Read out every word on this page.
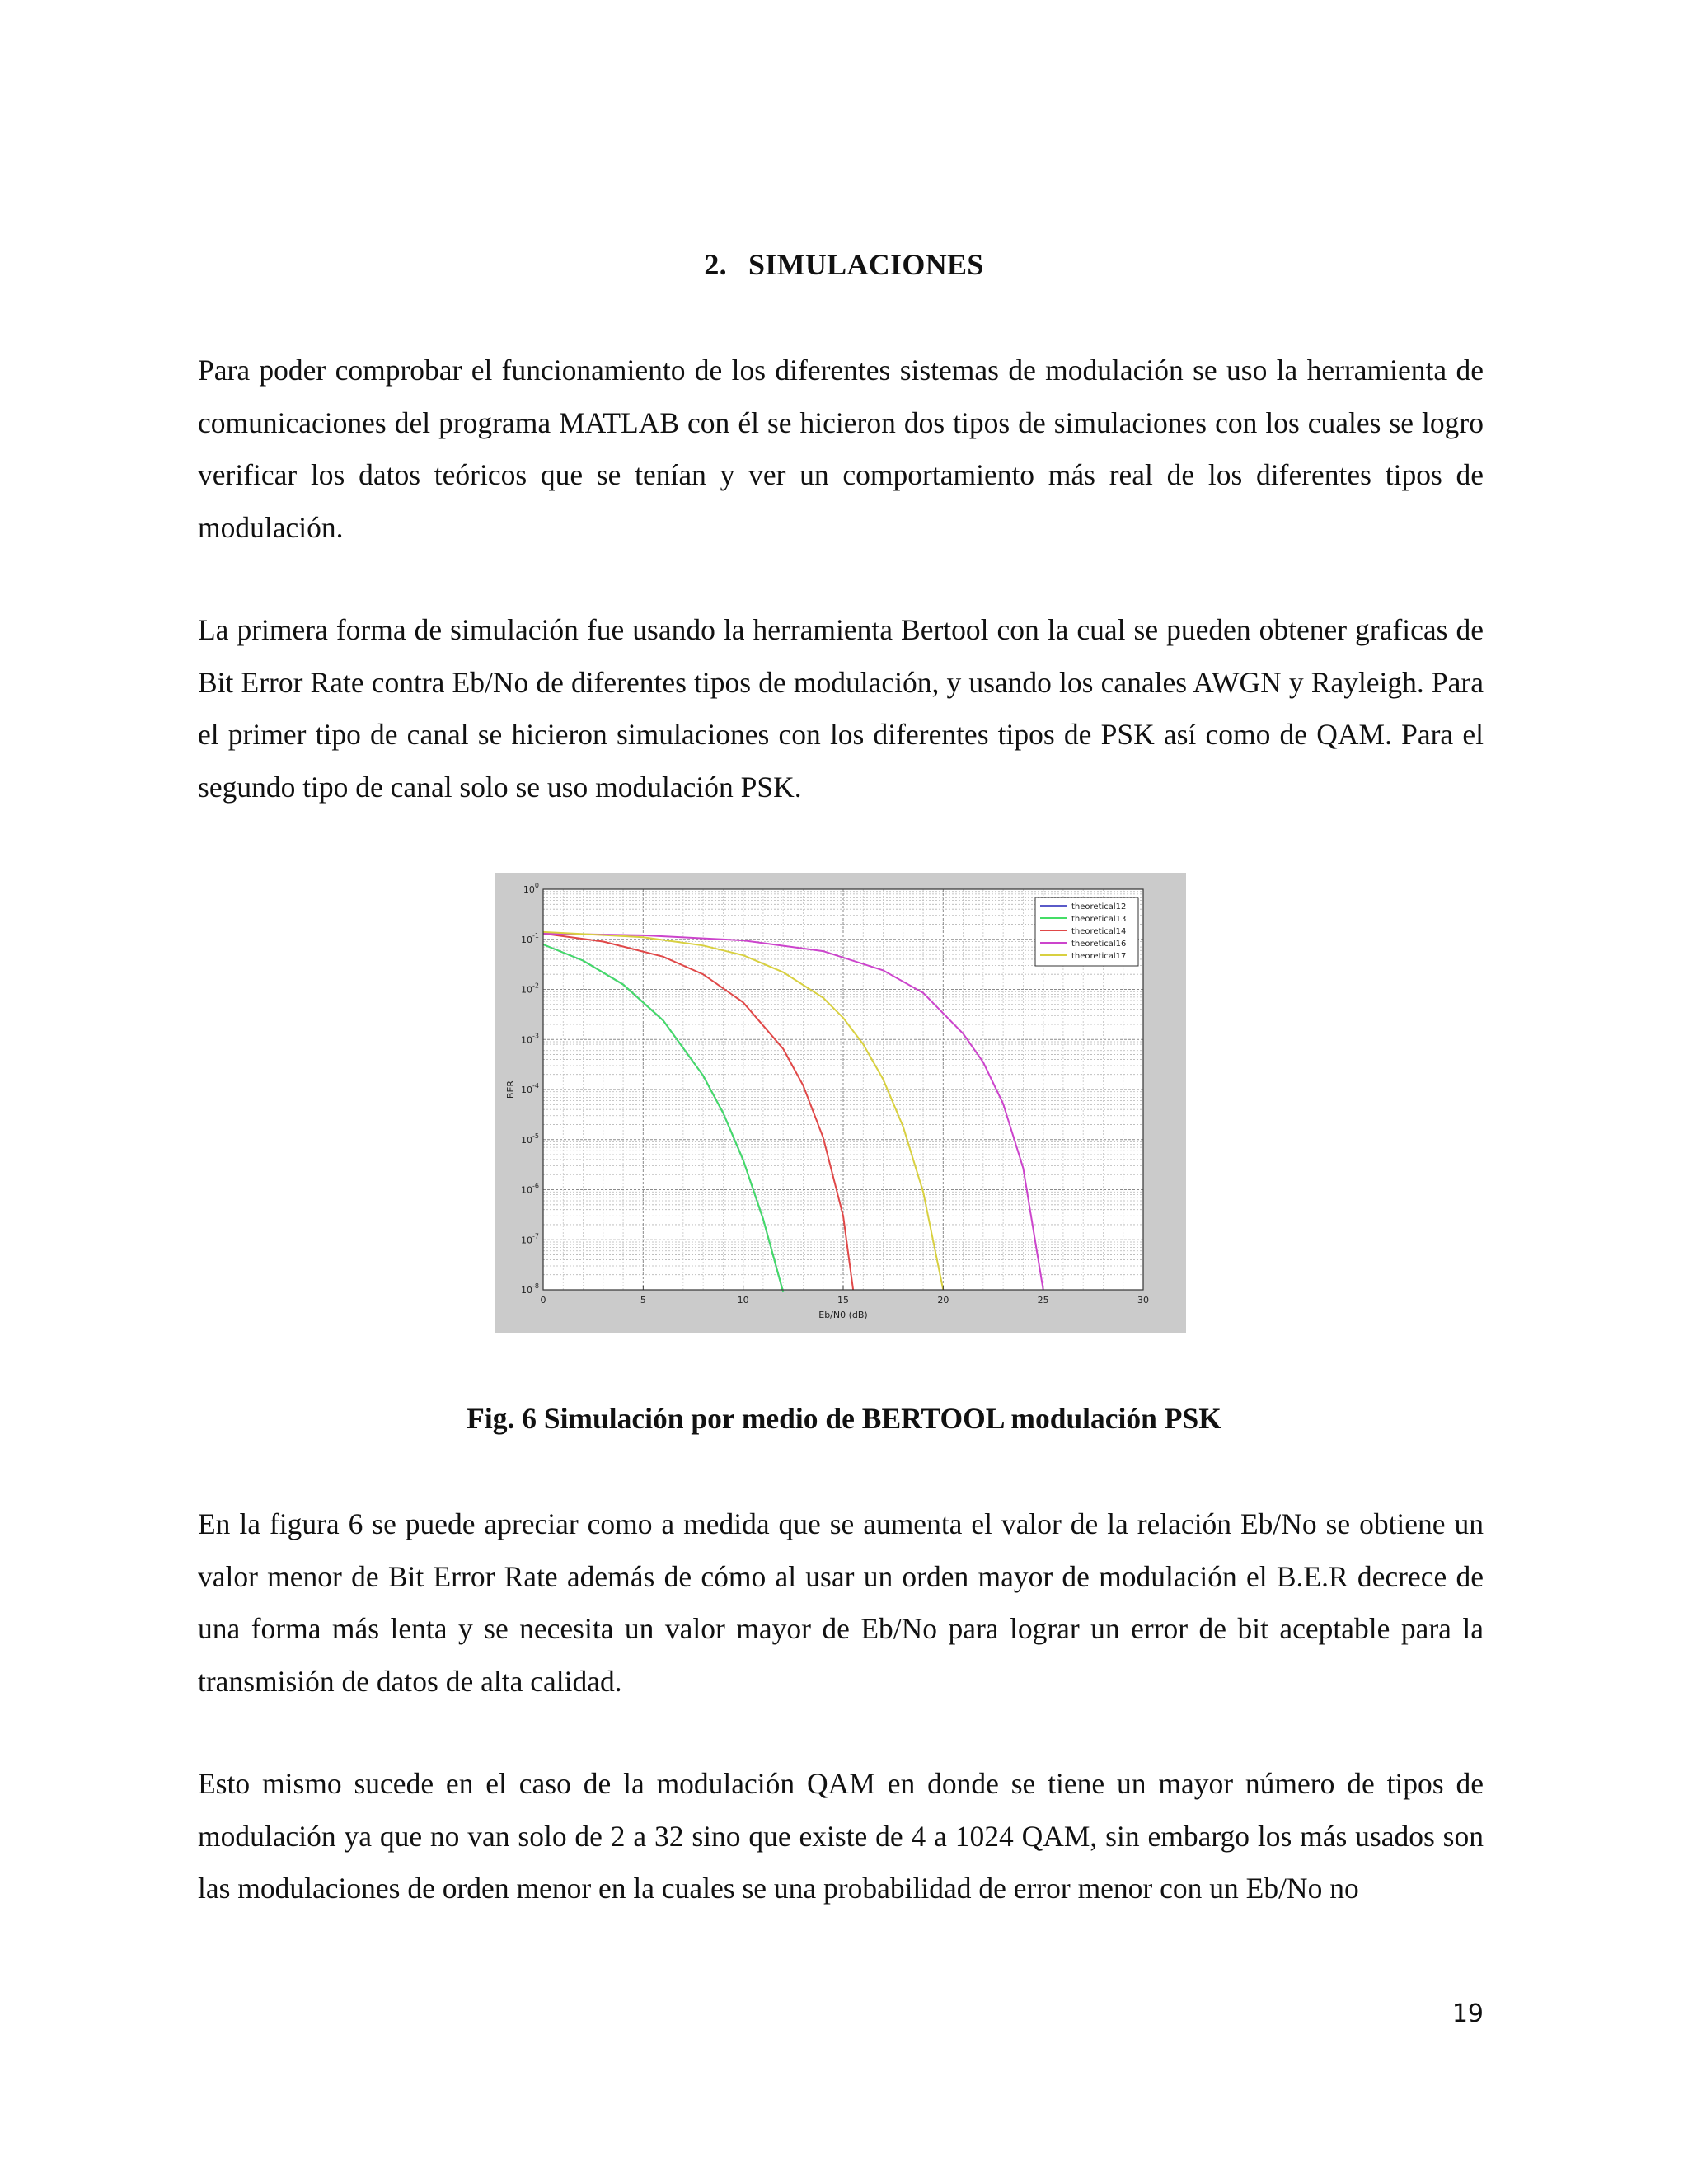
2. SIMULACIONES

Para poder comprobar el funcionamiento de los diferentes sistemas de modulación se uso la herramienta de comunicaciones del programa MATLAB con él se hicieron dos tipos de simulaciones con los cuales se logro verificar los datos teóricos que se tenían y ver un comportamiento más real de los diferentes tipos de modulación.

La primera forma de simulación fue usando la herramienta Bertool con la cual se pueden obtener graficas de Bit Error Rate contra Eb/No de diferentes tipos de modulación, y usando los canales AWGN y Rayleigh. Para el primer tipo de canal se hicieron simulaciones con los diferentes tipos de PSK así como de QAM. Para el segundo tipo de canal solo se uso modulación PSK.

0	5	10	15	20	25	30
$10^0$
$10^{-1}$
$10^{-2}$
$10^{-3}$
$10^{-4}$
$10^{-5}$
$10^{-6}$
$10^{-7}$
$10^{-8}$
Eb/N0 (dB)
BER
theoretical12
theoretical13
theoretical14
theoretical16
theoretical17
Fig. 6 Simulación por medio de BERTOOL modulación PSK

En la figura 6 se puede apreciar como a medida que se aumenta el valor de la relación Eb/No se obtiene un valor menor de Bit Error Rate además de cómo al usar un orden mayor de modulación el B.E.R decrece de una forma más lenta y se necesita un valor mayor de Eb/No para lograr un error de bit aceptable para la transmisión de datos de alta calidad.

Esto mismo sucede en el caso de la modulación QAM en donde se tiene un mayor número de tipos de modulación ya que no van solo de 2 a 32 sino que existe de 4 a 1024 QAM, sin embargo los más usados son las modulaciones de orden menor en la cuales se una probabilidad de error menor con un Eb/No no

19
